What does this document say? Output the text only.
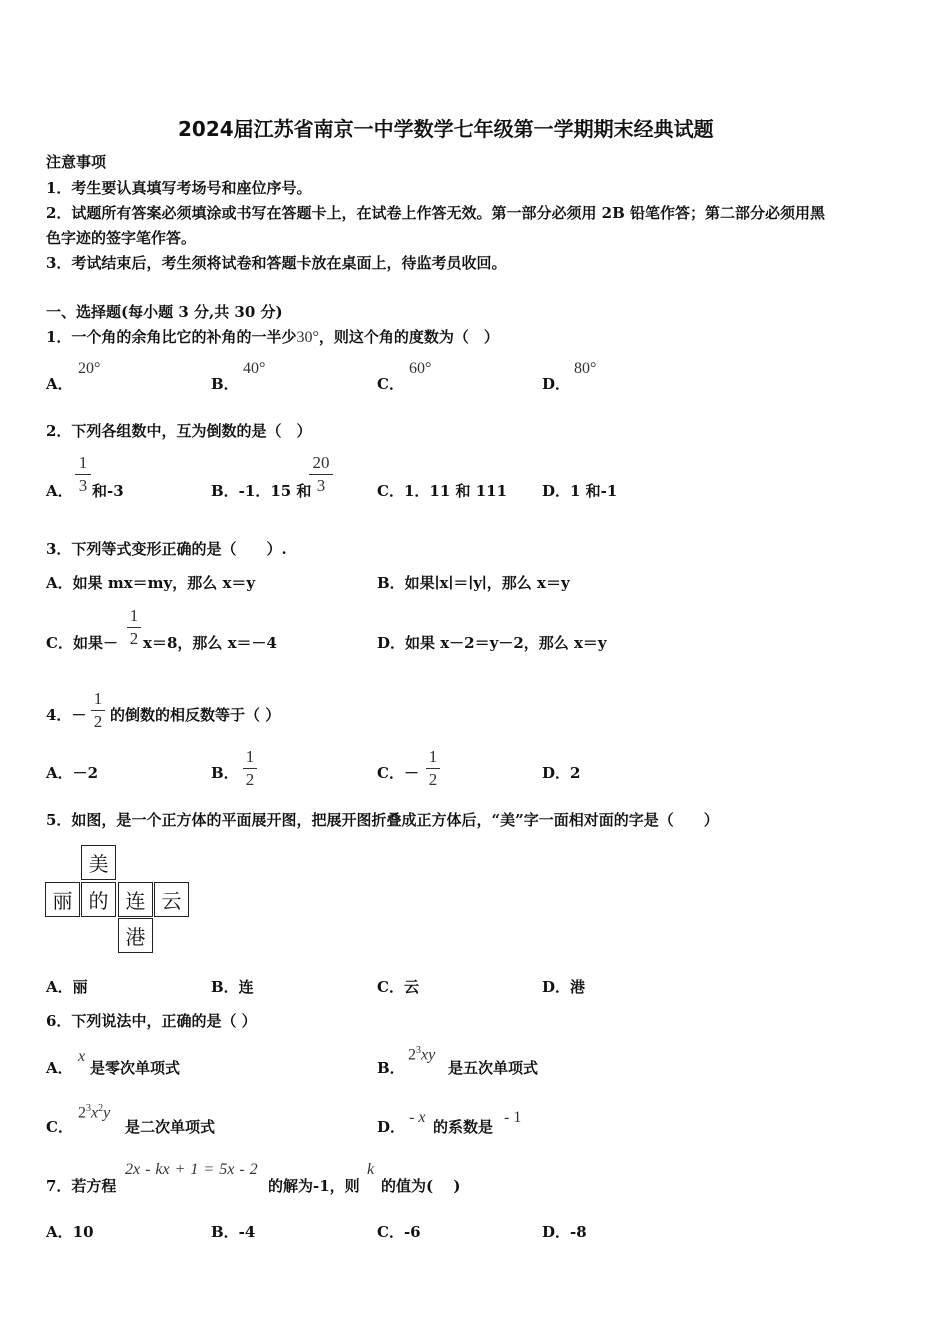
2024届江苏省南京一中学数学七年级第一学期期末经典试题
注意事项
1．考生要认真填写考场号和座位序号。
2．试题所有答案必须填涂或书写在答题卡上，在试卷上作答无效。第一部分必须用 2B 铅笔作答；第二部分必须用黑
色字迹的签字笔作答。
3．考试结束后，考生须将试卷和答题卡放在桌面上，待监考员收回。
一、选择题(每小题 3 分,共 30 分)
1．一个角的余角比它的补角的一半少30°，则这个角的度数为（　）
A．
20°
B．
40°
C．
60°
D．
80°
2．下列各组数中，互为倒数的是（　）
A．
1
3 和-3	B．-1．15 和
20
3	C．1．11 和 111 D．1 和-1
3．下列等式变形正确的是（　　）.
A．如果 mx＝my，那么 x＝y	B．如果∣x∣＝∣y∣，那么 x＝y
C．如果－
1
2 x＝8，那么 x＝－4	D．如果 x－2＝y－2，那么 x＝y
4．－
1
2 的倒数的相反数等于（ ）
A．－2	B．
1
2	C．－
1
2	D．2
5．如图，是一个正方体的平面展开图，把展开图折叠成正方体后，“美”字一面相对面的字是（　　）
美
丽 的 连 云
港
A．丽	B．连	C．云	D．港
6．下列说法中，正确的是（ ）
A．
x
是零次单项式	B．
$2^3xy$
是五次单项式
C．
$2^3x^2y$
是二次单项式	D．
- x
的系数是
- 1
7．若方程
2x - kx + 1 = 5x - 2
的解为-1，则
k
的值为( 　)
A．10	B．-4	C．-6	D．-8
